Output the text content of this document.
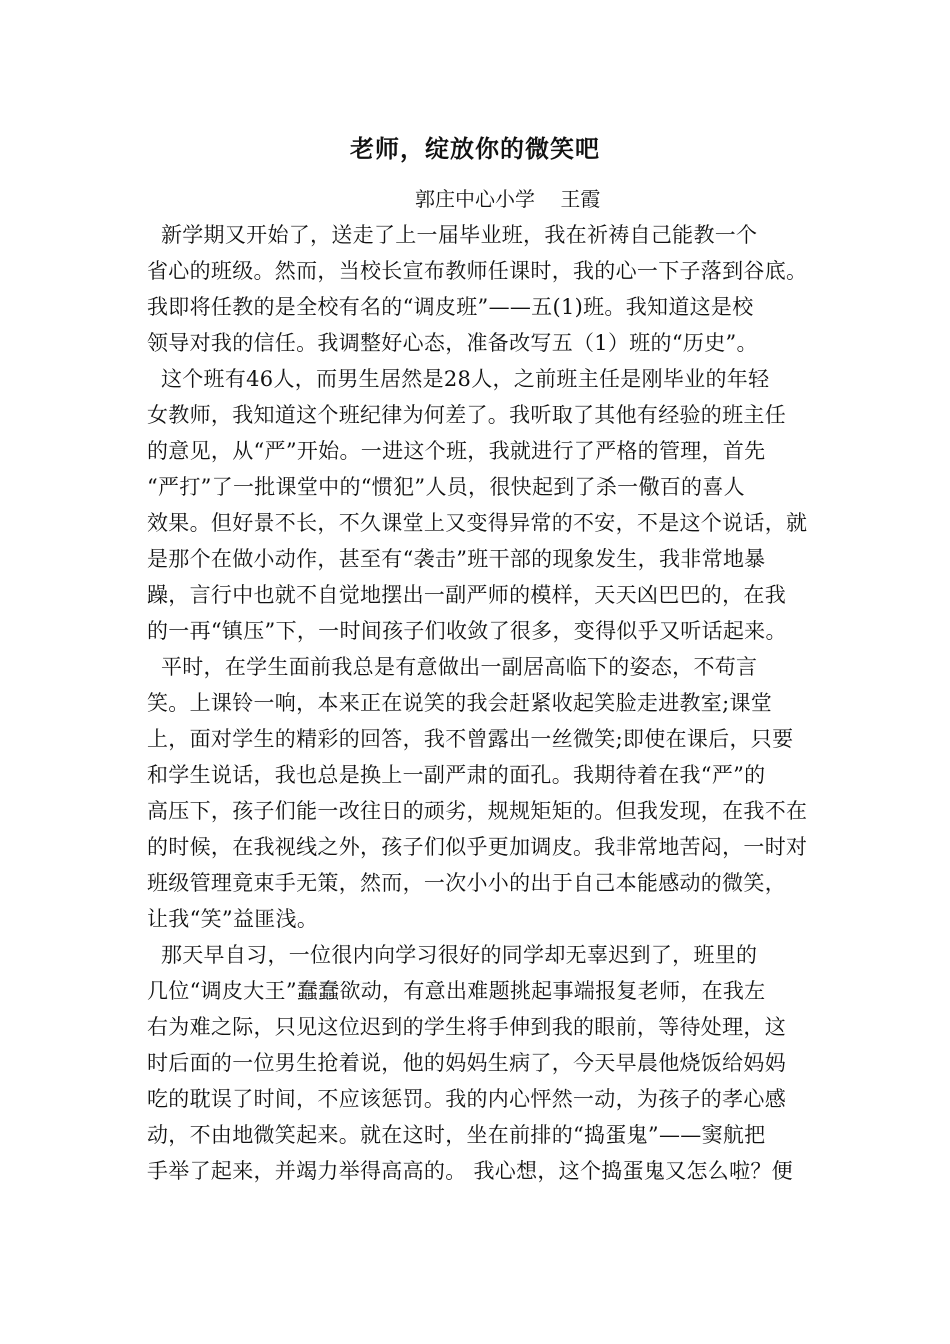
老师，绽放你的微笑吧
郭庄中心小学    王霞
新学期又开始了，送走了上一届毕业班，我在祈祷自己能教一个
省心的班级。然而，当校长宣布教师任课时，我的心一下子落到谷底。
我即将任教的是全校有名的“调皮班”——五(1)班。我知道这是校
领导对我的信任。我调整好心态，准备改写五（1）班的“历史”。
这个班有46人，而男生居然是28人，之前班主任是刚毕业的年轻
女教师，我知道这个班纪律为何差了。我听取了其他有经验的班主任
的意见，从“严”开始。一进这个班，我就进行了严格的管理，首先
“严打”了一批课堂中的“惯犯”人员，很快起到了杀一儆百的喜人
效果。但好景不长，不久课堂上又变得异常的不安，不是这个说话，就
是那个在做小动作，甚至有“袭击”班干部的现象发生，我非常地暴
躁，言行中也就不自觉地摆出一副严师的模样，天天凶巴巴的，在我
的一再“镇压”下，一时间孩子们收敛了很多，变得似乎又听话起来。
平时，在学生面前我总是有意做出一副居高临下的姿态，不苟言
笑。上课铃一响，本来正在说笑的我会赶紧收起笑脸走进教室;课堂
上，面对学生的精彩的回答，我不曾露出一丝微笑;即使在课后，只要
和学生说话，我也总是换上一副严肃的面孔。我期待着在我“严”的
高压下，孩子们能一改往日的顽劣，规规矩矩的。但我发现，在我不在
的时候，在我视线之外，孩子们似乎更加调皮。我非常地苦闷，一时对
班级管理竟束手无策，然而，一次小小的出于自己本能感动的微笑，
让我“笑”益匪浅。
那天早自习，一位很内向学习很好的同学却无辜迟到了，班里的
几位“调皮大王”蠢蠢欲动，有意出难题挑起事端报复老师，在我左
右为难之际，只见这位迟到的学生将手伸到我的眼前，等待处理，这
时后面的一位男生抢着说，他的妈妈生病了，今天早晨他烧饭给妈妈
吃的耽误了时间，不应该惩罚。我的内心怦然一动，为孩子的孝心感
动，不由地微笑起来。就在这时，坐在前排的“捣蛋鬼”——窦航把
手举了起来，并竭力举得高高的。 我心想，这个捣蛋鬼又怎么啦？便
